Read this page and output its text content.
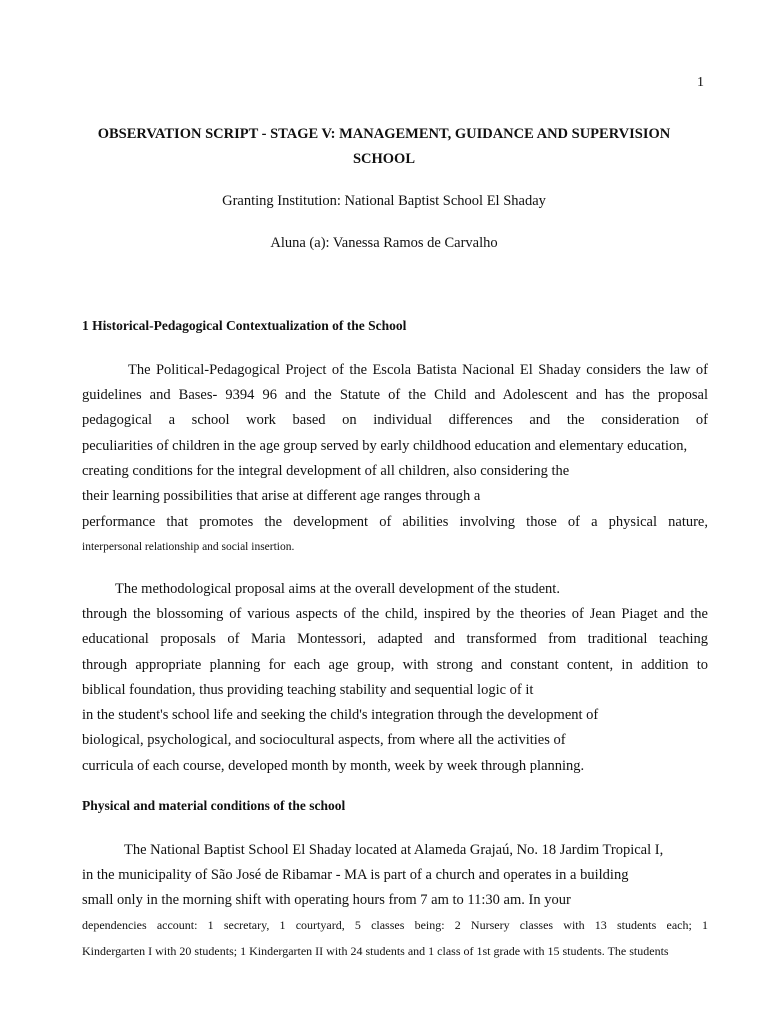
1
OBSERVATION SCRIPT - STAGE V: MANAGEMENT, GUIDANCE AND SUPERVISION SCHOOL
Granting Institution: National Baptist School El Shaday
Aluna (a): Vanessa Ramos de Carvalho
1 Historical-Pedagogical Contextualization of the School
The Political-Pedagogical Project of the Escola Batista Nacional El Shaday considers the law of
guidelines and Bases- 9394 96 and the Statute of the Child and Adolescent and has the proposal
pedagogical a school work based on individual differences and the consideration of
peculiarities of children in the age group served by early childhood education and elementary education,
creating conditions for the integral development of all children, also considering the
their learning possibilities that arise at different age ranges through a
performance that promotes the development of abilities involving those of a physical nature,
interpersonal relationship and social insertion.
The methodological proposal aims at the overall development of the student.
through the blossoming of various aspects of the child, inspired by the theories of Jean Piaget and the
educational proposals of Maria Montessori, adapted and transformed from traditional teaching
through appropriate planning for each age group, with strong and constant content, in addition to
biblical foundation, thus providing teaching stability and sequential logic of it
in the student's school life and seeking the child's integration through the development of
biological, psychological, and sociocultural aspects, from where all the activities of
curricula of each course, developed month by month, week by week through planning.
Physical and material conditions of the school
The National Baptist School El Shaday located at Alameda Grajaú, No. 18 Jardim Tropical I,
in the municipality of São José de Ribamar - MA is part of a church and operates in a building
small only in the morning shift with operating hours from 7 am to 11:30 am. In your
dependencies account: 1 secretary, 1 courtyard, 5 classes being: 2 Nursery classes with 13 students each; 1
Kindergarten I with 20 students; 1 Kindergarten II with 24 students and 1 class of 1st grade with 15 students. The students
